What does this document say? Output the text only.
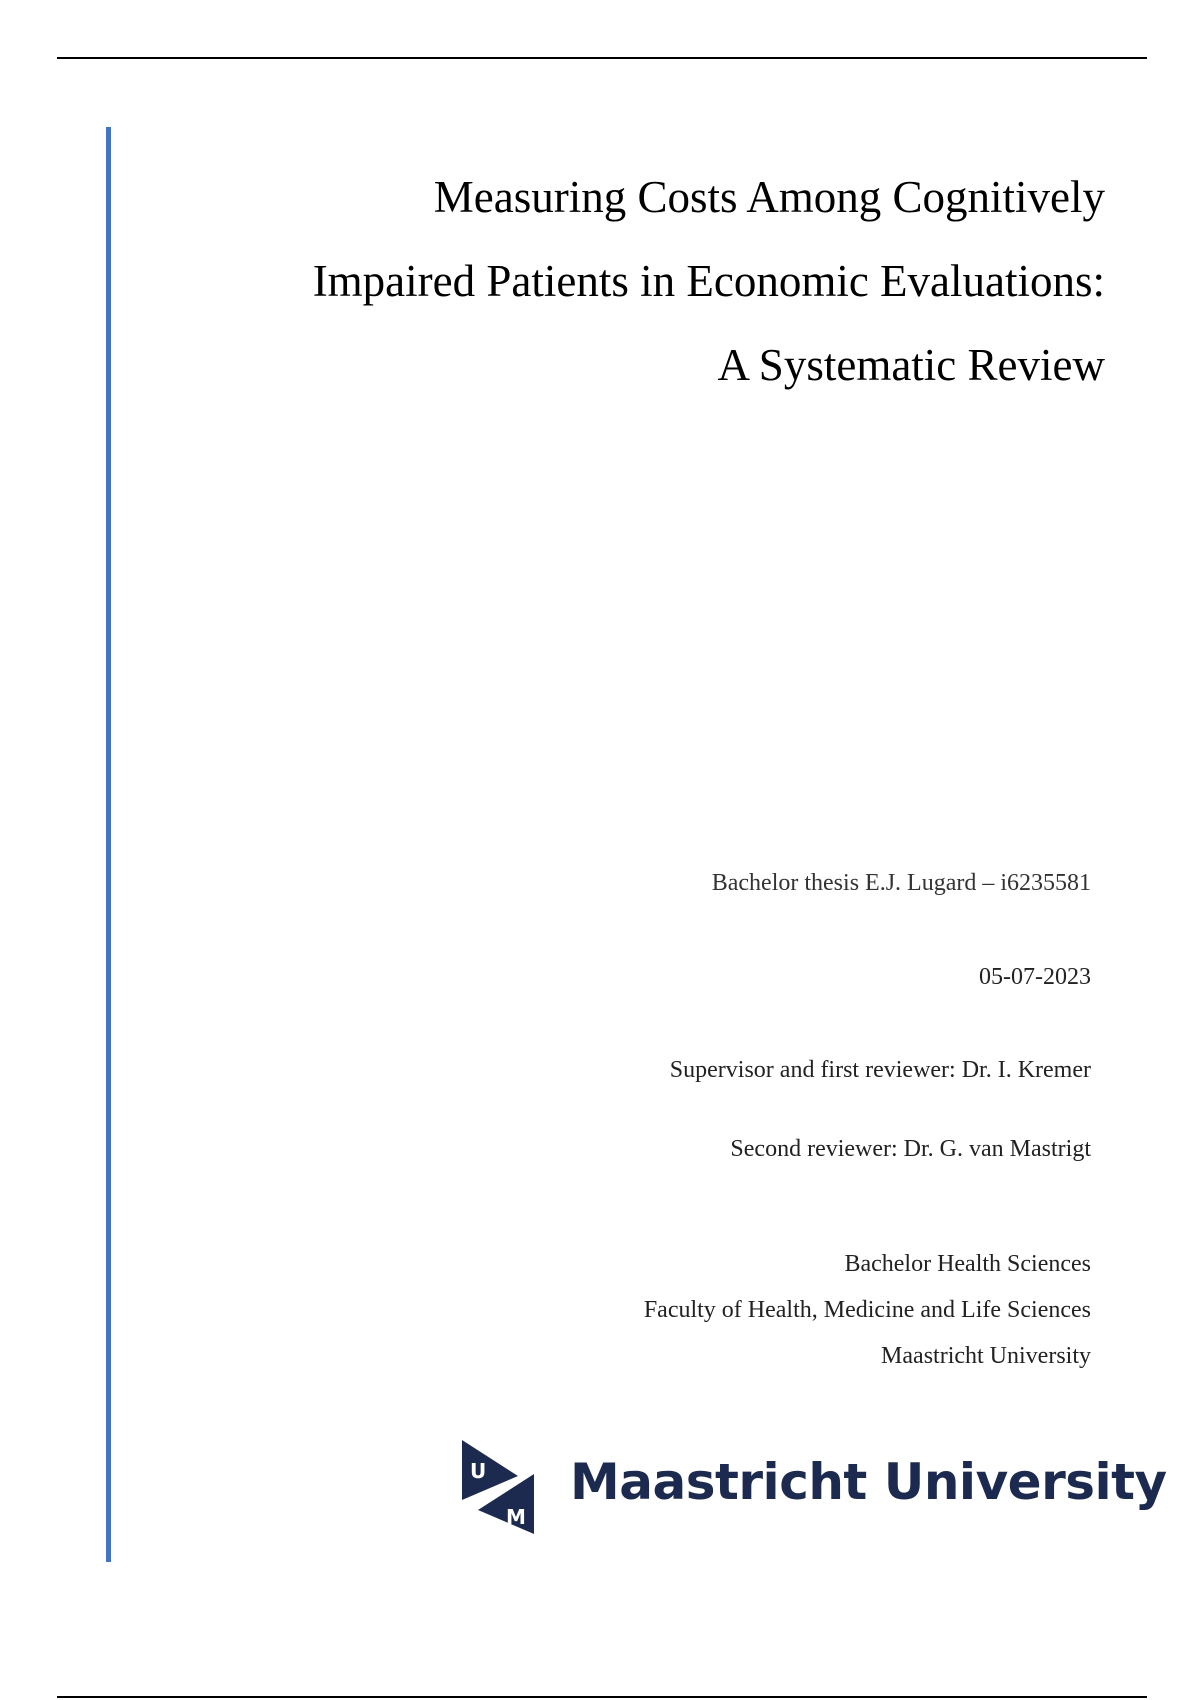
Measuring Costs Among Cognitively
Impaired Patients in Economic Evaluations:
A Systematic Review
Bachelor thesis E.J. Lugard – i6235581
05-07-2023
Supervisor and first reviewer: Dr. I. Kremer
Second reviewer: Dr. G. van Mastrigt
Bachelor Health Sciences
Faculty of Health, Medicine and Life Sciences
Maastricht University
U
M
Maastricht University
